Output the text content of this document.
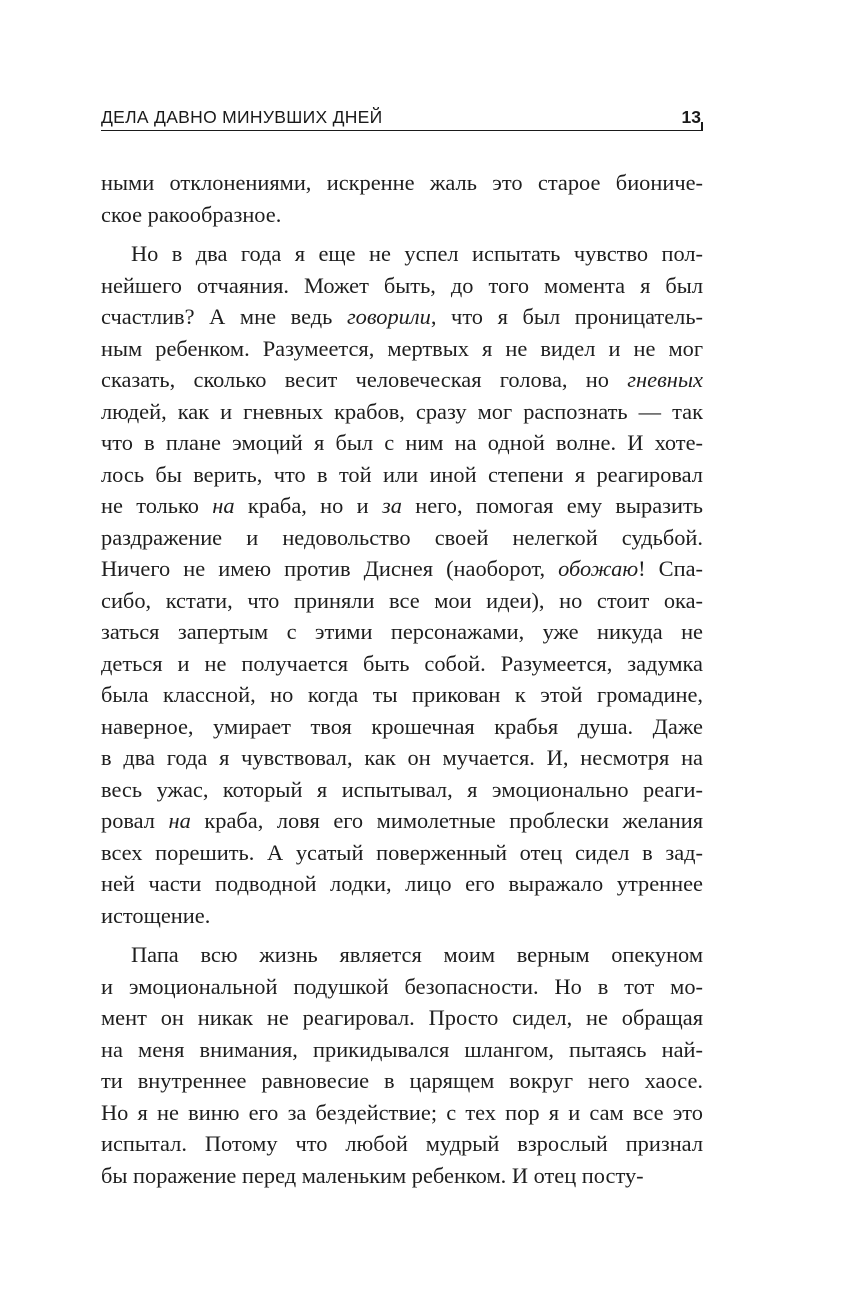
ДЕЛА ДАВНО МИНУВШИХ ДНЕЙ	13

ными отклонениями, искренне жаль это старое биониче-
ское ракообразное.

Но в два года я еще не успел испытать чувство пол-
нейшего отчаяния. Может быть, до того момента я был
счастлив? А мне ведь говорили, что я был проницатель-
ным ребенком. Разумеется, мертвых я не видел и не мог
сказать, сколько весит человеческая голова, но гневных
людей, как и гневных крабов, сразу мог распознать — так
что в плане эмоций я был с ним на одной волне. И хоте-
лось бы верить, что в той или иной степени я реагировал
не только на краба, но и за него, помогая ему выразить
раздражение и недовольство своей нелегкой судьбой.
Ничего не имею против Диснея (наоборот, обожаю! Спа-
сибо, кстати, что приняли все мои идеи), но стоит ока-
заться запертым с этими персонажами, уже никуда не
деться и не получается быть собой. Разумеется, задумка
была классной, но когда ты прикован к этой громадине,
наверное, умирает твоя крошечная крабья душа. Даже
в два года я чувствовал, как он мучается. И, несмотря на
весь ужас, который я испытывал, я эмоционально реаги-
ровал на краба, ловя его мимолетные проблески желания
всех порешить. А усатый поверженный отец сидел в зад-
ней части подводной лодки, лицо его выражало утреннее
истощение.

Папа всю жизнь является моим верным опекуном
и эмоциональной подушкой безопасности. Но в тот мо-
мент он никак не реагировал. Просто сидел, не обращая
на меня внимания, прикидывался шлангом, пытаясь най-
ти внутреннее равновесие в царящем вокруг него хаосе.
Но я не виню его за бездействие; с тех пор я и сам все это
испытал. Потому что любой мудрый взрослый признал
бы поражение перед маленьким ребенком. И отец посту-
